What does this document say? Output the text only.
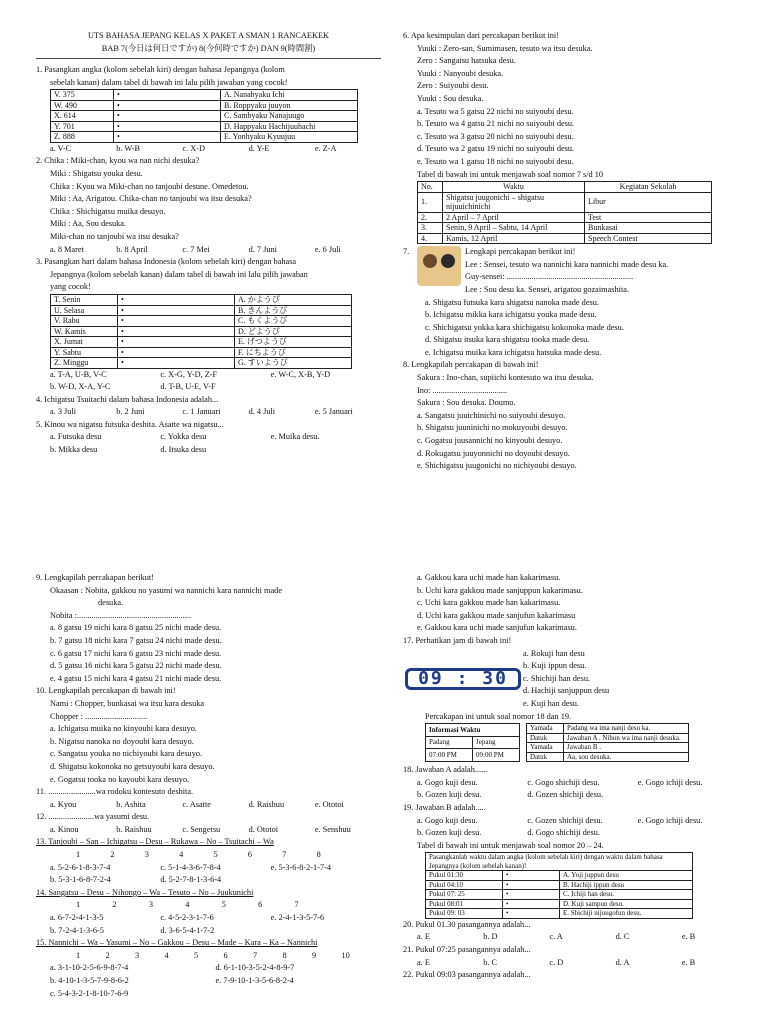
UTS BAHASA JEPANG KELAS X PAKET A SMAN 1 RANCAEKEK
BAB 7(今日は何日ですか) 8(今何時ですか) DAN 9(時間割)
1. Pasangkan angka (kolom sebelah kiri) dengan bahasa Jepangnya (kolom
sebelah kanan) dalam tabel di bawah ini lalu pilih jawaban yang cocok!
V. 375	•	A. Nanahyaku Ichi
W. 490	•	B. Roppyaku juuyon
X. 614	•	C. Sambyaku Nanajuugo
Y. 701	•	D. Happyaku Hachijuuhachi
Z. 888	•	E. Yonhyaku Kyuujuu
a. V-C	b. W-B	c. X-D	d. Y-E	e. Z-A
2. Chika : Miki-chan, kyou wa nan nichi desuka?
Miki : Shigatsu youka desu.
Chika : Kyou wa Miki-chan no tanjoubi desune. Omedetou.
Miki : Aa, Arigatou. Chika-chan no tanjoubi wa itsu desuka?
Chika : Shichigatsu muika desuyo.
Miki : Aa, Sou desuka.
Miki-chan no tanjoubi wa itsu desuka?
a. 8 Maret	b. 8 April	c. 7 Mei	d. 7 Juni	e. 6 Juli
3. Pasangkan hari dalam bahasa Indonesia (kolom sebelah kiri) dengan bahasa
Jepangnya (kolom sebelah kanan) dalam tabel di bawah ini lalu pilih jawaban
yang cocok!
T. Senin	•	A. かようび
U. Selasa	•	B. きんようび
V. Rabu	•	C. もくようび
W. Kamis	•	D. どようび
X. Jumat	•	E. げつようび
Y. Sabtu	•	F. にちようび
Z. Minggu	•	G. すいようび
a. T-A, U-B, V-C	c. X-G, Y-D, Z-F	e. W-C, X-B, Y-D
b. W-D, X-A, Y-C	d. T-B, U-E, V-F
4. Ichigatsu Tsuitachi dalam bahasa Indonesia adalah...
a. 3 Juli	b. 2 Juni	c. 1 Januari	d. 4 Juli	e. 5 Januari
5. Kinou wa nigatsu futsuka deshita. Asatte wa nigatsu...
a. Futsuka desu	c. Yokka desu	e. Muika desu.
b. Mikka desu	d. Itsuka desu
6. Apa kesimpulan dari percakapan berikut ini!
Yuuki : Zero-san, Sumimasen, tesuto wa itsu desuka.
Zero : Sangatsu hatsuka desu.
Yuuki : Nanyoubi desuka.
Zero : Suiyoubi desu.
Yuuki : Sou desuka.
a. Tesuto wa 5 gatsu 22 nichi no suiyoubi desu.
b. Tesuto wa 4 gatsu 21 nichi no suiyoubi desu.
c. Tesuto wa 3 gatsu 20 nichi no suiyoubi desu.
d. Tesuto wa 2 gatsu 19 nichi no suiyoubi desu.
e. Tesuto wa 1 gatsu 18 nichi no suiyoubi desu.
Tabel di bawah ini untuk menjawab soal nomor 7 s/d 10
No.	Waktu	Kegiatan Sekolah
1.	Shigatsu juugonichi – shigatsu nijuuichinichi	Libur
2.	2 April – 7 April	Test
3.	Senin, 9 April – Sabtu, 14 April	Bunkasai
4.	Kamis, 12 April	Speech Contest
7.	Lengkapi percakapan berikut ini!
Lee : Sensei, tesuto wa nannichi kara nannichi made desu ka.
Guy-sensei: .............................................................
Lee : Sou desu ka. Sensei, arigatou gozaimashita.
a. Shigatsu futsuka kara shigatsu nanoka made desu.
b. Ichigatsu mikka kara ichigatsu youka made desu.
c. Shichigatsu yokka kara shichigatsu kokonoka made desu.
d. Shigatsu itsuka kara shigatsu tooka made desu.
e. Ichigatsu muika kara ichigatsu hatsuka made desu.
8. Lengkapilah percakapan di bawah ini!
Sakura : Ino-chan, supiichi kontesuto wa itsu desuka.
Ino: ....................................
Sakura : Sou desuka. Doumo.
a. Sangatsu juuichinichi no suiyoubi desuyo.
b. Shigatsu juuninichi no mokuyoubi desuyo.
c. Gogatsu juusannichi no kinyoubi desuyo.
d. Rokugatsu juuyonnichi no doyoubi desuyo.
e. Shichigatsu juugonichi no nichiyoubi desuyo.
9. Lengkapilah percakapan berikut!
Okaasan : Nobita, gakkou no yasumi wa nannichi kara nannichi made
desuka.
Nobita :.......................................................
a. 8 gatsu 19 nichi kara 8 gatsu 25 nichi made desu.
b. 7 gatsu 18 nichi kara 7 gatsu 24 nichi made desu.
c. 6 gatsu 17 nichi kara 6 gatsu 23 nichi made desu.
d. 5 gatsu 16 nichi kara 5 gatsu 22 nichi made desu.
e. 4 gatsu 15 nichi kara 4 gatsu 21 nichi made desu.
10. Lengkapilah percakapan di bawah ini!
Nami : Chopper, bunkasai wa itsu kara desuka
Chopper : ..............................
a. Ichigatsu muika no kinyoubi kara desuyo.
b. Nigatsu nanoka no doyoubi kara desuyo.
c. Sangatsu youka no nichiyoubi kara desuyo.
d. Shigatsu kokonoka no getsuyoubi kara desuyo.
e. Gogatsu tooka no kayoubi kara desuyo.
11. .......................wa rodoku kontesuto deshita.
a. Kyou	b. Ashita	c. Asatte	d. Raishuu	e. Ototoi
12. ......................wa yasumi desu.
a. Kinou	b. Raishuu	c. Sengetsu	d. Ototoi	e. Senshuu
13. Tanjoubi – San – Ichigatsu – Desu – Rukawa – No – Tsuitachi – Wa
1	2	3	4	5	6	7	8
a. 5-2-6-1-8-3-7-4	c. 5-1-4-3-6-7-8-4	e. 5-3-6-8-2-1-7-4
b. 5-3-1-6-8-7-2-4	d. 5-2-7-8-1-3-6-4
14. Sangatsu – Desu – Nihongo – Wa – Tesuto – No – Juukunichi
1	2	3	4	5	6	7
a. 6-7-2-4-1-3-5	c. 4-5-2-3-1-7-6	e. 2-4-1-3-5-7-6
b. 7-2-4-1-3-6-5	d. 3-6-5-4-1-7-2
15. Nannichi – Wa – Yasumi – No – Gakkou – Desu – Made – Kara – Ka – Nannichi
1	2	3	4	5	6	7	8	9	10
a. 3-1-10-2-5-6-9-8-7-4	d. 6-1-10-3-5-2-4-8-9-7
b. 4-10-1-3-5-7-9-8-6-2	e. 7-9-10-1-3-5-6-8-2-4
c. 5-4-3-2-1-8-10-7-6-9
a. Gakkou kara uchi made han kakarimasu.
b. Uchi kara gakkou made sanjuppun kakarimasu.
c. Uchi kara gakkou made han kakarimasu.
d. Uchi kara gakkou made sanjufun kakarimasu
e. Gakkou kara uchi made sanjufun kakarimasu.
17. Perhatikan jam di bawah ini!
09 : 30
a. Rokuji han desu
b. Kuji ippun desu.
c. Shichiji han desu.
d. Hachiji sanjuppun desu
e. Kuji han desu.
Percakapan ini untuk soal nomor 18 dan 19.
Informasi Waktu	
Padang	Jepang
07:00 PM	09:00 PM
Yamada	Padang wa ima nanji desu ka.
Datuk	Jawaban A . Nihon wa ima nanji desuka.
Yamada	Jawaban B .
Datuk	Aa, sou desuka.
18. Jawaban A adalah......
a. Gogo kuji desu.	c. Gogo shichiji desu.	e. Gogo ichiji desu.
b. Gozen kuji desu.	d. Gozen shichiji desu.
19. Jawaban B adalah.....
a. Gogo kuji desu.	c. Gozen shichiji desu.	e. Gogo ichiji desu.
b. Gozen kuji desu.	d. Gogo shichiji desu.
Tabel di bawah ini untuk menjawab soal nomor 20 – 24.
Pasangkanlah waktu dalam angka (kolom sebelah kiri) dengan waktu dalam bahasa Jepangnya (kolom sebelah kanan)!		
Pukul 01:30	•	A. Yoji juppun desu
Pukul 04:10	•	B. Hachiji ippun desu
Pukul 07: 25	•	C. Ichiji han desu.
Pukul 08:01	•	D. Kuji sampun desu.
Pukul 09: 03	•	E. Shichiji nijuugofun desu.
20. Pukul 01.30 pasangannya adalah...
a. E	b. D	c. A	d. C	e. B
21. Pukul 07:25 pasangannya adalah...
a. E	b. C	c. D	d. A	e. B
22. Pukul 09:03 pasangannya adalah...
